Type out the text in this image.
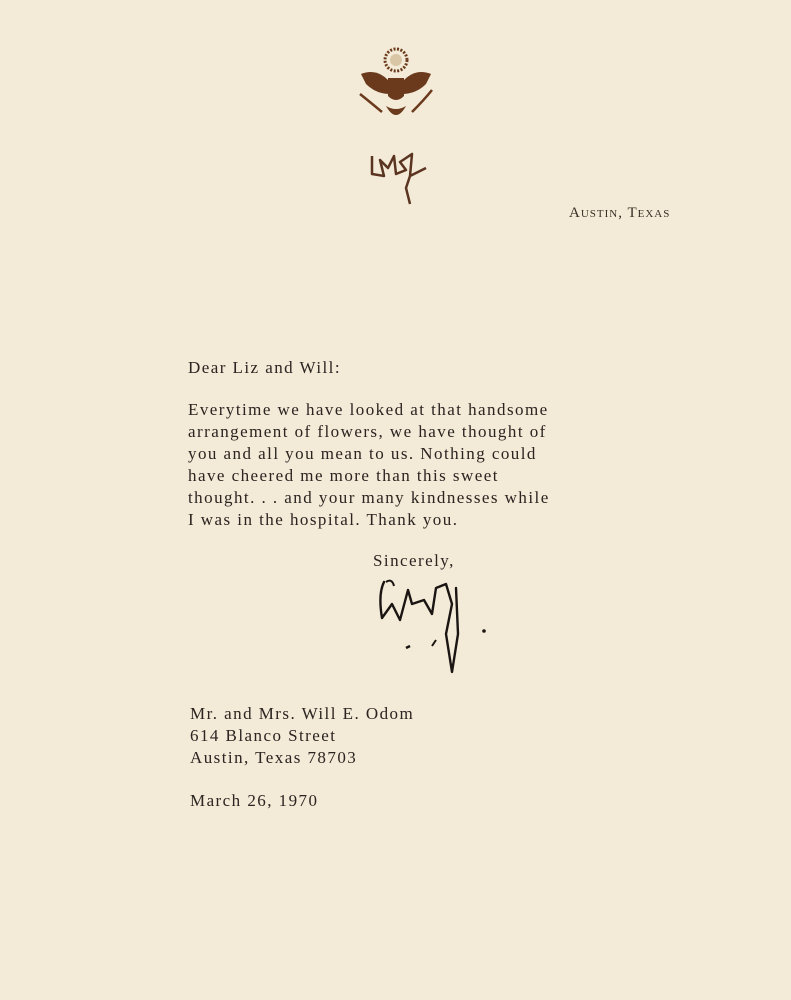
Austin, Texas
Dear Liz and Will:
Everytime we have looked at that handsome
arrangement of flowers, we have thought of
you and all you mean to us. Nothing could
have cheered me more than this sweet
thought. . . and your many kindnesses while
I was in the hospital. Thank you.
Sincerely,
Mr. and Mrs. Will E. Odom
614 Blanco Street
Austin, Texas 78703
March 26, 1970
